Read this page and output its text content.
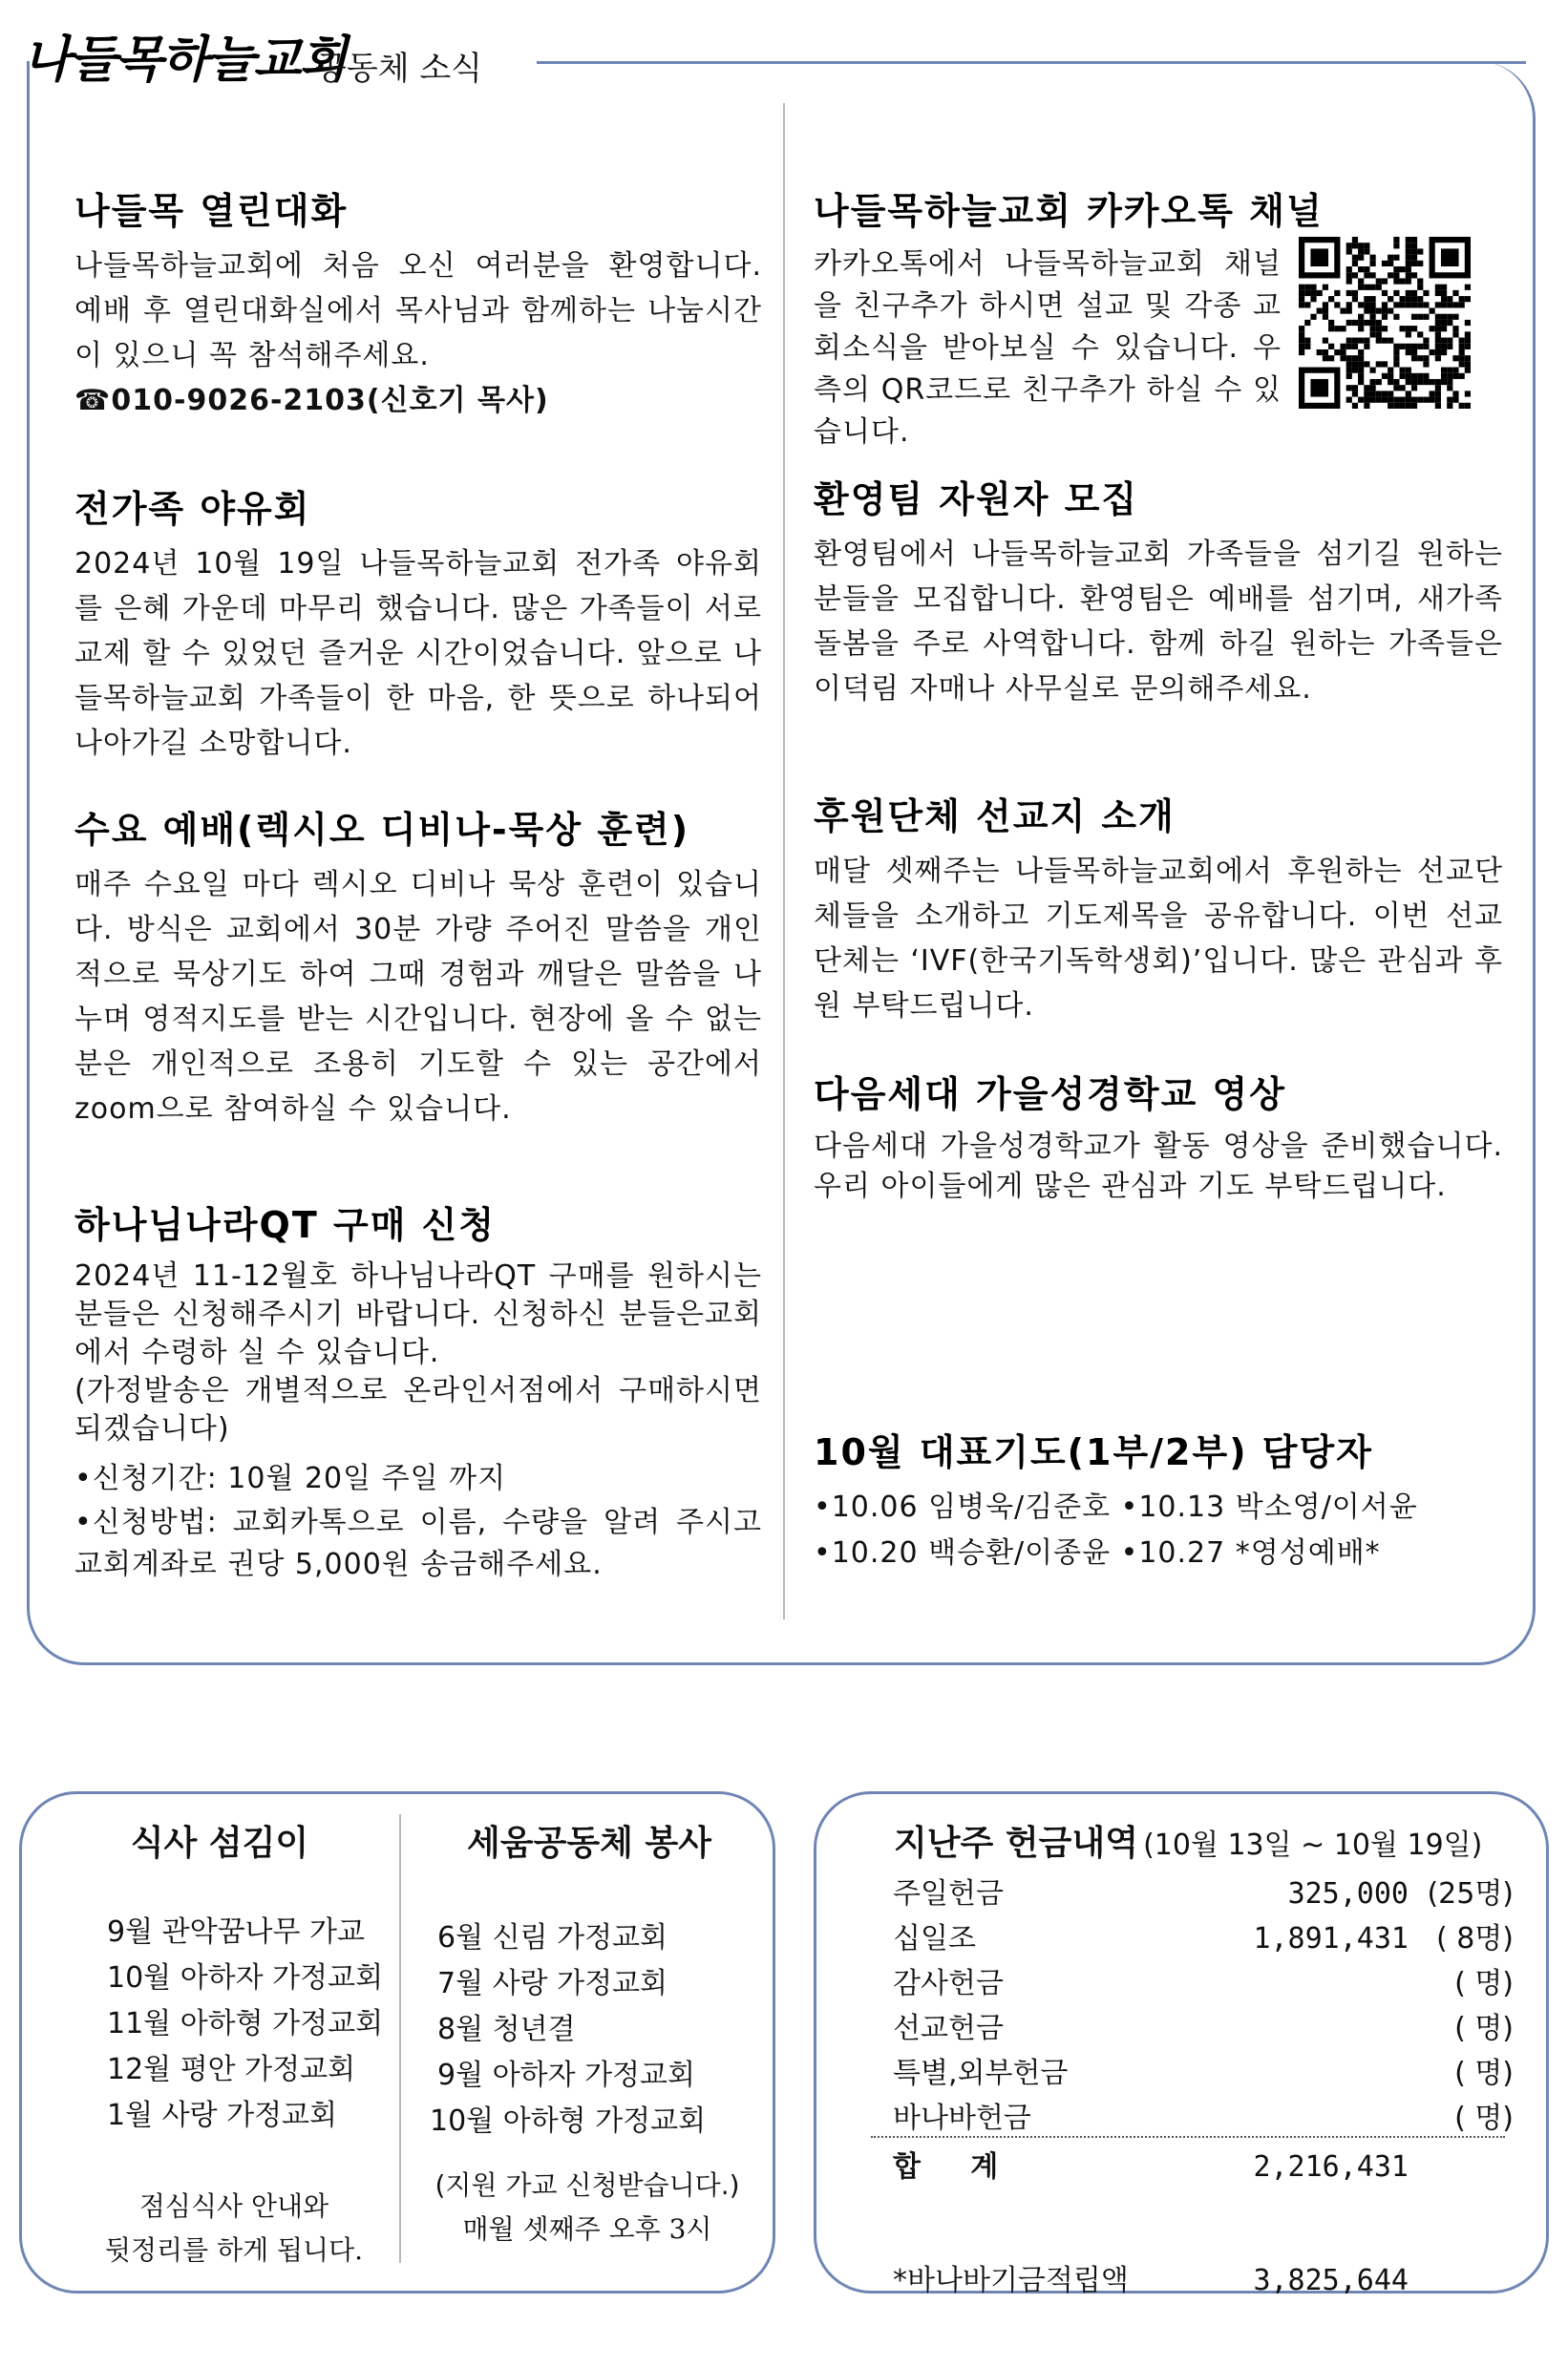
나들목하늘교회
공동체 소식
나들목 열린대화
나들목하늘교회에 처음 오신 여러분을 환영합니다. 예배 후 열린대화실에서 목사님과 함께하는 나눔시간이 있으니 꼭 참석해주세요.
☎010-9026-2103(신호기 목사)
전가족 야유회
2024년 10월 19일 나들목하늘교회 전가족 야유회를 은혜 가운데 마무리 했습니다. 많은 가족들이 서로 교제 할 수 있었던 즐거운 시간이었습니다. 앞으로 나들목하늘교회 가족들이 한 마음, 한 뜻으로 하나되어 나아가길 소망합니다.
수요 예배(렉시오 디비나-묵상 훈련)
매주 수요일 마다 렉시오 디비나 묵상 훈련이 있습니다. 방식은 교회에서 30분 가량 주어진 말씀을 개인적으로 묵상기도 하여 그때 경험과 깨달은 말씀을 나누며 영적지도를 받는 시간입니다. 현장에 올 수 없는 분은 개인적으로 조용히 기도할 수 있는 공간에서 zoom으로 참여하실 수 있습니다.
하나님나라QT 구매 신청
2024년 11-12월호 하나님나라QT 구매를 원하시는 분들은 신청해주시기 바랍니다. 신청하신 분들은교회에서 수령하 실 수 있습니다.
(가정발송은 개별적으로 온라인서점에서 구매하시면 되겠습니다)
•신청기간: 10월 20일 주일 까지
•신청방법: 교회카톡으로 이름, 수량을 알려 주시고 교회계좌로 권당 5,000원 송금해주세요.
나들목하늘교회 카카오톡 채널
카카오톡에서 나들목하늘교회 채널을 친구추가 하시면 설교 및 각종 교회소식을 받아보실 수 있습니다. 우측의 QR코드로 친구추가 하실 수 있습니다.
환영팀 자원자 모집
환영팀에서 나들목하늘교회 가족들을 섬기길 원하는 분들을 모집합니다. 환영팀은 예배를 섬기며, 새가족 돌봄을 주로 사역합니다. 함께 하길 원하는 가족들은 이덕림 자매나 사무실로 문의해주세요.
후원단체 선교지 소개
매달 셋째주는 나들목하늘교회에서 후원하는 선교단체들을 소개하고 기도제목을 공유합니다. 이번 선교단체는 ‘IVF(한국기독학생회)’입니다. 많은 관심과 후원 부탁드립니다.
다음세대 가을성경학교 영상
다음세대 가을성경학교가 활동 영상을 준비했습니다. 우리 아이들에게 많은 관심과 기도 부탁드립니다.
10월 대표기도(1부/2부) 담당자
•10.06 임병욱/김준호 •10.13 박소영/이서윤
•10.20 백승환/이종윤 •10.27 *영성예배*
식사 섬김이
9월 관악꿈나무 가교
10월 아하자 가정교회
11월 아하형 가정교회
12월 평안 가정교회
1월 사랑 가정교회
점심식사 안내와
뒷정리를 하게 됩니다.
세움공동체 봉사
6월 신림 가정교회
7월 사랑 가정교회
8월 청년결
9월 아하자 가정교회
10월 아하형 가정교회
(지원 가교 신청받습니다.)
매월 셋째주 오후 3시
지난주 헌금내역 (10월 13일 ~ 10월 19일)
주일헌금	325,000 (25명)
십일조	1,891,431 ( 8명)
감사헌금	( 명)
선교헌금	( 명)
특별,외부헌금	( 명)
바나바헌금	( 명)
합     계	2,216,431
*바나바기금적립액	3,825,644
